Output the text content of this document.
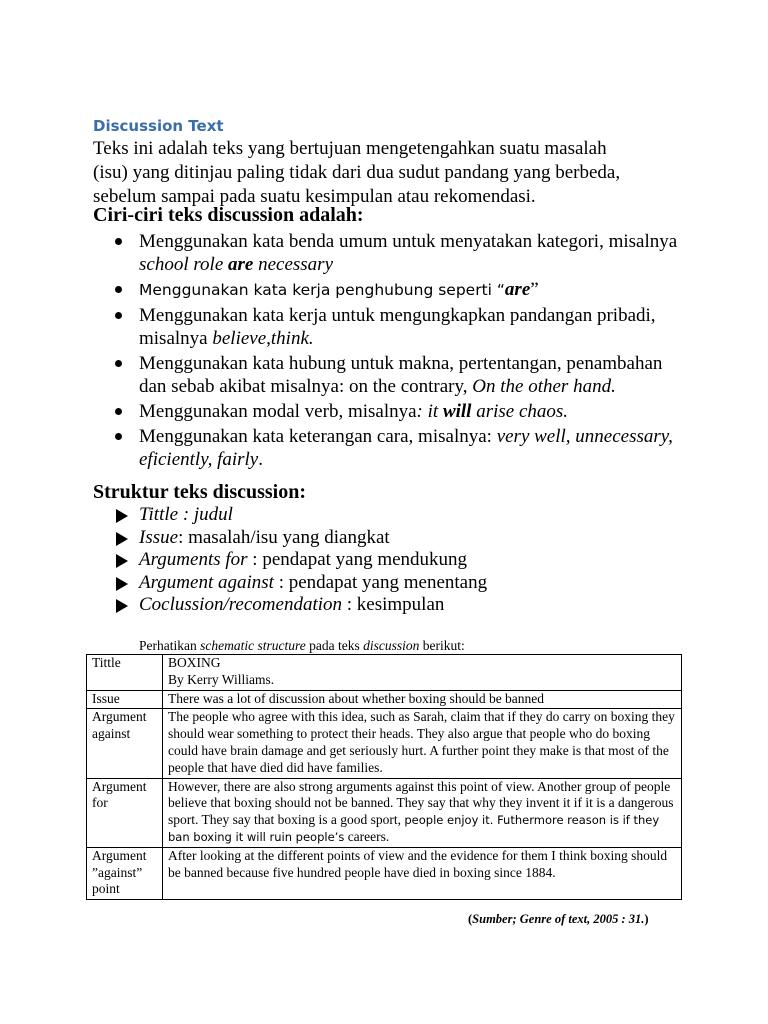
Discussion Text
Teks ini adalah teks yang bertujuan mengetengahkan suatu masalah
(isu) yang ditinjau paling tidak dari dua sudut pandang yang berbeda,
sebelum sampai pada suatu kesimpulan atau rekomendasi.
Ciri-ciri teks discussion adalah:
Menggunakan kata benda umum untuk menyatakan kategori, misalnya school role are necessary
Menggunakan kata kerja penghubung seperti “are”
Menggunakan kata kerja untuk mengungkapkan pandangan pribadi, misalnya believe,think.
Menggunakan kata hubung untuk makna, pertentangan, penambahan dan sebab akibat misalnya: on the contrary, On the other hand.
Menggunakan modal verb, misalnya: it will arise chaos.
Menggunakan kata keterangan cara, misalnya: very well, unnecessary, eficiently, fairly.
Struktur teks discussion:
Tittle : judul
Issue: masalah/isu yang diangkat
Arguments for : pendapat yang mendukung
Argument against : pendapat yang menentang
Coclussion/recomendation : kesimpulan
Perhatikan schematic structure pada teks discussion berikut:
Tittle	BOXING
By Kerry Williams.

Issue	There was a lot of discussion about whether boxing should be banned
Argument against	The people who agree with this idea, such as Sarah, claim that if they do carry on boxing they should wear something to protect their heads. They also argue that people who do boxing could have brain damage and get seriously hurt. A further point they make is that most of the people that have died did have families.
Argument for	However, there are also strong arguments against this point of view. Another group of people believe that boxing should not be banned. They say that why they invent it if it is a dangerous sport. They say that boxing is a good sport, people enjoy it. Futhermore reason is if they ban boxing it will ruin people’s careers.
Argument ”against” point	After looking at the different points of view and the evidence for them I think boxing should be banned because five hundred people have died in boxing since 1884.
(Sumber; Genre of text, 2005 : 31.)
